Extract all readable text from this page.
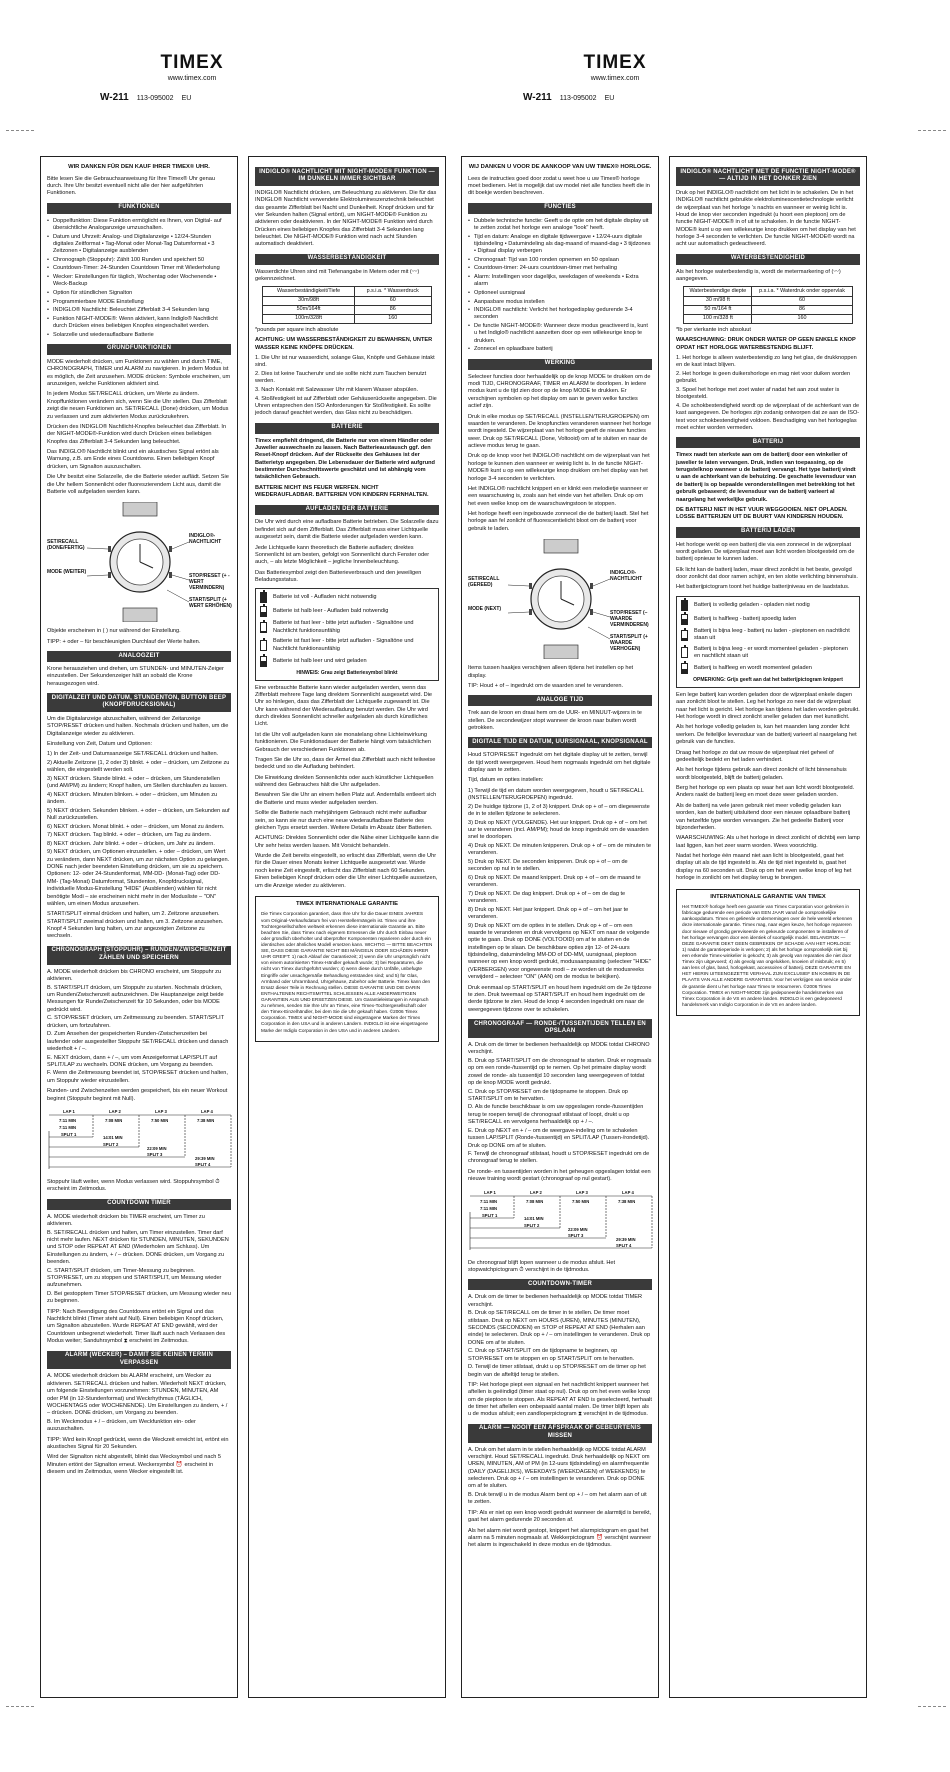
TIMEX
www.timex.com
W-211 113-095002 EU
TIMEX
www.timex.com
W-211 113-095002 EU
WIR DANKEN FÜR DEN KAUF IHRER TIMEX® UHR.

Bitte lesen Sie die Gebrauchsanweisung für Ihre Timex® Uhr genau durch. Ihre Uhr besitzt eventuell nicht alle der hier aufgeführten Funktionen.

FUNKTIONEN
• Doppelfunktion: Diese Funktion ermöglicht es Ihnen, von Digital- auf übersichtliche Analoganzeige umzuschalten.
• Datum und Uhrzeit: Analog- und Digitalanzeige • 12/24-Stunden digitales Zeitformat • Tag-Monat oder Monat-Tag Datumformat • 3 Zeitzonen • Digitalanzeige ausblenden
• Chronograph (Stoppuhr): Zählt 100 Runden und speichert 50
• Countdown-Timer: 24-Stunden Countdown Timer mit Wiederholung
• Wecker: Einstellungen für täglich, Wochentag oder Wochenende • Weck-Backup
• Option für stündlichen Signalton
• Programmierbare MODE Einstellung
• INDIGLO® Nachtlicht: Beleuchtet Zifferblatt 3-4 Sekunden lang
• Funktion NIGHT-MODE®: Wenn aktiviert, kann Indiglo® Nachtlicht durch Drücken eines beliebigen Knopfes eingeschaltet werden.
• Solarzelle und wiederaufladbare Batterie
GRUNDFUNKTIONEN

MODE wiederholt drücken, um Funktionen zu wählen und durch TIME, CHRONOGRAPH, TIMER und ALARM zu navigieren. In jedem Modus ist es möglich, die Zeit anzusehen. MODE drücken: Symbole erscheinen, um anzuzeigen, welche Funktionen aktiviert sind.

In jedem Modus SET/RECALL drücken, um Werte zu ändern. Knopffunktionen verändern sich, wenn Sie die Uhr stellen. Das Zifferblatt zeigt die neuen Funktionen an. SET/RECALL (Done) drücken, um Modus zu verlassen und zum aktivierten Modus zurückzukehren.

Drücken des INDIGLO® Nachtlicht-Knopfes beleuchtet das Zifferblatt. In der NIGHT-MODE®-Funktion wird durch Drücken eines beliebigen Knopfes das Zifferblatt 3-4 Sekunden lang beleuchtet.

Das INDIGLO® Nachtlicht blinkt und ein akustisches Signal ertönt als Warnung, z.B. am Ende eines Countdowns. Einen beliebigen Knopf drücken, um Signalton auszuschalten.

Die Uhr besitzt eine Solarzelle, die die Batterie wieder auflädt. Setzen Sie die Uhr hellem Sonnenlicht oder fluoreszierendem Licht aus, damit die Batterie voll aufgeladen werden kann.

SET/RECALL (DONE/FERTIG)
MODE (WEITER)
INDIGLO®-NACHTLICHT
STOP/RESET (+ - WERT VERMINDERN)
START/SPLIT (+ WERT ERHÖHEN)

Objekte erscheinen in ( ) nur während der Einstellung.

TIPP: + oder – für beschleunigten Durchlauf der Werte halten.

ANALOGZEIT

Krone herausziehen und drehen, um STUNDEN- und MINUTEN-Zeiger einzustellen. Der Sekundenzeiger hält an sobald die Krone herausgezogen wird.

DIGITALZEIT UND DATUM, STUNDENTON, BUTTON BEEP (KNOPFDRUCKSIGNAL)

Um die Digitalanzeige abzuschalten, während der Zeitanzeige STOP/RESET drücken und halten. Nochmals drücken und halten, um die Digitalanzeige wieder zu aktivieren.

Einstellung von Zeit, Datum und Optionen:

1) In der Zeit- und Datumsanzeige SET/RECALL drücken und halten.
2) Aktuelle Zeitzone (1, 2 oder 3) blinkt. + oder – drücken, um Zeitzone zu wählen, die eingestellt werden soll.
3) NEXT drücken. Stunde blinkt. + oder – drücken, um Stundenstellen (und AM/PM) zu ändern; Knopf halten, um Stellen durchlaufen zu lassen.
4) NEXT drücken. Minuten blinken. + oder – drücken, um Minuten zu ändern.
5) NEXT drücken. Sekunden blinken. + oder – drücken, um Sekunden auf Null zurückzustellen.
6) NEXT drücken. Monat blinkt. + oder – drücken, um Monat zu ändern.
7) NEXT drücken. Tag blinkt. + oder – drücken, um Tag zu ändern.
8) NEXT drücken. Jahr blinkt. + oder – drücken, um Jahr zu ändern.
9) NEXT drücken, um Optionen einzustellen. + oder – drücken, um Wert zu verändern, dann NEXT drücken, um zur nächsten Option zu gelangen. DONE nach jeder beendeten Einstellung drücken, um sie zu speichern. Optionen: 12- oder 24-Stundenformat, MM-DD- (Monat-Tag) oder DD-MM- (Tag-Monat) Datumformat, Stundenton, Knopfdrucksignal, individuelle Modus-Einstellung "HIDE" (Ausblenden) wählen für nicht benötigte Modi – sie erscheinen nicht mehr in der Modusliste – "ON" wählen, um einen Modus anzusehen.

START/SPLIT einmal drücken und halten, um 2. Zeitzone anzusehen. START/SPLIT zweimal drücken und halten, um 3. Zeitzone anzusehen. Knopf 4 Sekunden lang halten, um zur angezeigten Zeitzone zu wechseln.

CHRONOGRAPH (STOPPUHR) – RUNDEN/ZWISCHENZEIT ZÄHLEN UND SPEICHERN
A. MODE wiederholt drücken bis CHRONO erscheint, um Stoppuhr zu aktivieren.
B. START/SPLIT drücken, um Stoppuhr zu starten. Nochmals drücken, um Runden/Zwischenzeit aufzuzeichnen. Die Hauptanzeige zeigt beide Messungen für Runde/Zwischenzeit für 10 Sekunden, oder bis MODE gedrückt wird.
C. STOP/RESET drücken, um Zeitmessung zu beenden. START/SPLIT drücken, um fortzufahren.
D. Zum Ansehen der gespeicherten Runden-/Zwischenzeiten bei laufender oder ausgestellter Stoppuhr SET/RECALL drücken und danach wiederholt + / –.
E. NEXT drücken, dann + / –, um vom Anzeigeformat LAP/SPLIT auf SPLIT/LAP zu wechseln. DONE drücken, um Vorgang zu beenden.
F. Wenn die Zeitmessung beendet ist, STOP/RESET drücken und halten, um Stoppuhr wieder einzustellen.

Runden- und Zwischenzeiten werden gespeichert, bis ein neuer Workout beginnt (Stoppuhr beginnt mit Null).

LAP 1	LAP 2	LAP 3	LAP 4
7:11 MIN	7:08 MIN	7:50 MIN	7:38 MIN
7:11 MIN
SPLIT 1
14:01 MIN
SPLIT 2
22:09 MIN
SPLIT 3
29:39 MIN
SPLIT 4

Stoppuhr läuft weiter, wenn Modus verlassen wird. Stoppuhrsymbol ⏱ erscheint im Zeitmodus.

COUNTDOWN TIMER
A. MODE wiederholt drücken bis TIMER erscheint, um Timer zu aktivieren.
B. SET/RECALL drücken und halten, um Timer einzustellen. Timer darf nicht mehr laufen. NEXT drücken für STUNDEN, MINUTEN, SEKUNDEN und STOP oder REPEAT AT END (Wiederholen am Schluss). Um Einstellungen zu ändern, + / – drücken. DONE drücken, um Vorgang zu beenden.
C. START/SPLIT drücken, um Timer-Messung zu beginnen. STOP/RESET, um zu stoppen und START/SPLIT, um Messung wieder aufzunehmen.
D. Bei gestopptem Timer STOP/RESET drücken, um Messung wieder neu zu beginnen.

TIPP: Nach Beendigung des Countdowns ertönt ein Signal und das Nachtlicht blinkt (Timer steht auf Null). Einen beliebigen Knopf drücken, um Signalton abzustellen. Wurde REPEAT AT END gewählt, wird der Countdown unbegrenzt wiederholt. Timer läuft auch nach Verlassen des Modus weiter; Sanduhrsymbol ⧗ erscheint im Zeitmodus.

ALARM (WECKER) – DAMIT SIE KEINEN TERMIN VERPASSEN
A. MODE wiederholt drücken bis ALARM erscheint, um Wecker zu aktivieren. SET/RECALL drücken und halten. Wiederholt NEXT drücken, um folgende Einstellungen vorzunehmen: STUNDEN, MINUTEN, AM oder PM (in 12-Stundenformat) und Weckrhythmus (TÄGLICH, WOCHENTAGS oder WOCHENENDE). Um Einstellungen zu ändern, + / – drücken. DONE drücken, um Vorgang zu beenden.
B. Im Weckmodus + / – drücken, um Weckfunktion ein- oder auszuschalten.

TIPP: Wird kein Knopf gedrückt, wenn die Weckzeit erreicht ist, ertönt ein akustisches Signal für 20 Sekunden.

Wird der Signalton nicht abgestellt, blinkt das Wecksymbol und nach 5 Minuten ertönt der Signalton erneut. Weckersymbol ⏰ erscheint in diesem und im Zeitmodus, wenn Wecker eingestellt ist.

INDIGLO® NACHTLICHT MIT NIGHT-MODE® FUNKTION — IM DUNKELN IMMER SICHTBAR

INDIGLO® Nachtlicht drücken, um Beleuchtung zu aktivieren. Die für das INDIGLO® Nachtlicht verwendete Elektrolumineszenztechnik beleuchtet das gesamte Zifferblatt bei Nacht und Dunkelheit. Knopf drücken und für vier Sekunden halten (Signal ertönt), um NIGHT-MODE® Funktion zu aktivieren oder deaktivieren. In der NIGHT-MODE® Funktion wird durch Drücken eines beliebigen Knopfes das Zifferblatt 3-4 Sekunden lang beleuchtet. Die NIGHT-MODE® Funktion wird nach acht Stunden automatisch deaktiviert.

WASSERBESTÄNDIGKEIT

Wasserdichte Uhren sind mit Tiefenangabe in Metern oder mit (〰) gekennzeichnet.

Wasserbeständigkeit/Tiefe	p.s.i.a. * Wasserdruck
30m/98ft	60
50m/164ft	86
100m/328ft	160

*pounds per square inch absolute

ACHTUNG: UM WASSERBESTÄNDIGKEIT ZU BEWAHREN, UNTER WASSER KEINE KNÖPFE DRÜCKEN.

1. Die Uhr ist nur wasserdicht, solange Glas, Knöpfe und Gehäuse intakt sind.
2. Dies ist keine Taucheruhr und sie sollte nicht zum Tauchen benutzt werden.
3. Nach Kontakt mit Salzwasser Uhr mit klarem Wasser abspülen.
4. Stoßfestigkeit ist auf Zifferblatt oder Gehäuserückseite angegeben. Die Uhren entsprechen den ISO Anforderungen für Stoßfestigkeit. Es sollte jedoch darauf geachtet werden, das Glas nicht zu beschädigen.
BATTERIE

Timex empfiehlt dringend, die Batterie nur von einem Händler oder Juwelier auswechseln zu lassen. Nach Batterieaustausch ggf. den Reset-Knopf drücken. Auf der Rückseite des Gehäuses ist der Batterietyp angegeben. Die Lebensdauer der Batterie wird aufgrund bestimmter Durchschnittswerte geschätzt und ist abhängig vom tatsächlichen Gebrauch.

BATTERIE NICHT INS FEUER WERFEN. NICHT WIEDERAUFLADBAR. BATTERIEN VON KINDERN FERNHALTEN.

AUFLADEN DER BATTERIE

Die Uhr wird durch eine aufladbare Batterie betrieben. Die Solarzelle dazu befindet sich auf dem Zifferblatt. Das Zifferblatt muss einer Lichtquelle ausgesetzt sein, damit die Batterie wieder aufgeladen werden kann.

Jede Lichtquelle kann theoretisch die Batterie aufladen; direktes Sonnenlicht ist am besten, gefolgt von Sonnenlicht durch Fenster oder auch, – als letzte Möglichkeit – jegliche Innenbeleuchtung.

Das Batteriesymbol zeigt den Batterieverbrauch und den jeweiligen Beladungsstatus.

Batterie ist voll - Aufladen nicht notwendig
Batterie ist halb leer - Aufladen bald notwendig
Batterie ist fast leer - bitte jetzt aufladen - Signaltöne und Nachtlicht funktionsunfähig
Batterie ist fast leer - bitte jetzt aufladen - Signaltöne und Nachtlicht funktionsunfähig
Batterie ist halb leer und wird geladen
HINWEIS: Grau zeigt Batteriesymbol blinkt

Eine verbrauchte Batterie kann wieder aufgeladen werden, wenn das Zifferblatt mehrere Tage lang direktem Sonnenlicht ausgesetzt wird. Die Uhr so hinlegen, dass das Zifferblatt der Lichtquelle zugewandt ist. Die Uhr kann während der Wiederaufladung benutzt werden. Die Uhr wird durch direktes Sonnenlicht schneller aufgeladen als durch künstliches Licht.

Ist die Uhr voll aufgeladen kann sie monatelang ohne Lichteinwirkung funktionieren. Die Funktionsdauer der Batterie hängt vom tatsächlichen Gebrauch der verschiedenen Funktionen ab.

Tragen Sie die Uhr so, dass der Ärmel das Zifferblatt auch nicht teilweise bedeckt und so die Aufladung behindert.

Die Einwirkung direkten Sonnenlichts oder auch künstlicher Lichtquellen während des Gebrauches hält die Uhr aufgeladen.

Bewahren Sie die Uhr an einem hellen Platz auf. Andernfalls entleert sich die Batterie und muss wieder aufgeladen werden.

Sollte die Batterie nach mehrjährigem Gebrauch nicht mehr aufladbar sein, so kann sie nur durch eine neue wiederaufladbare Batterie des gleichen Typs ersetzt werden. Weitere Details im Absatz über Batterien.

ACHTUNG: Direktes Sonnenlicht oder die Nähe einer Lichtquelle kann die Uhr sehr heiss werden lassen. Mit Vorsicht behandeln.

Wurde die Zeit bereits eingestellt, so erlischt das Zifferblatt, wenn die Uhr für die Dauer eines Monats keiner Lichtquelle ausgesetzt war. Wurde noch keine Zeit eingestellt, erlischt das Zifferblatt nach 60 Sekunden. Einen beliebigen Knopf drücken oder die Uhr einer Lichtquelle aussetzen, um die Anzeige wieder zu aktivieren.

TIMEX INTERNATIONALE GARANTIE

Die Timex Corporation garantiert, dass Ihre Uhr für die Dauer EINES JAHRES vom Original-Verkaufsdatum frei von Herstellermängeln ist. Timex und ihre Tochtergesellschaften weltweit erkennen diese internationale Garantie an. Bitte beachten Sie, dass Timex nach eigenem Ermessen die Uhr durch Einbau neuer oder gründlich überholter und überprüfter Komponenten reparieren oder durch ein identisches oder ähnliches Modell ersetzen kann. WICHTIG — BITTE BEACHTEN SIE, DASS DIESE GARANTIE NICHT BEI MÄNGELN ODER SCHÄDEN IHRER UHR GREIFT: 1) nach Ablauf der Garantiezeit; 2) wenn die Uhr ursprünglich nicht von einem autorisierten Timex-Händler gekauft wurde; 3) bei Reparaturen, die nicht von Timex durchgeführt wurden; 4) wenn diese durch Unfälle, unbefugte Eingriffe oder unsachgemäße Behandlung entstanden sind; und 5) für Glas, Armband oder Uhrarmband, Uhrgehäuse, Zubehör oder Batterie. Timex kann den Ersatz dieser Teile in Rechnung stellen. DIESE GARANTIE UND DIE DARIN ENTHALTENEN RECHTSMITTEL SCHLIESSEN ALLE ANDERWEITIGEN GARANTIEN AUS UND ERSETZEN DIESE. Um Garantieleistungen in Anspruch zu nehmen, senden Sie Ihre Uhr an Timex, eine Timex-Tochtergesellschaft oder den Timex-Einzelhändler, bei dem Sie die Uhr gekauft haben. ©2006 Timex Corporation. TIMEX und NIGHT-MODE sind eingetragene Marken der Timex Corporation in den USA und in anderen Ländern. INDIGLO ist eine eingetragene Marke der Indiglo Corporation in den USA und in anderen Ländern.

WIJ DANKEN U VOOR DE AANKOOP VAN UW TIMEX® HORLOGE.

Lees de instructies goed door zodat u weet hoe u uw Timex® horloge moet bedienen. Het is mogelijk dat uw model niet alle functies heeft die in dit boekje worden beschreven.

FUNCTIES
• Dubbele technische functie: Geeft u de optie om het digitale display uit te zetten zodat het horloge een analoge "look" heeft.
• Tijd en datum: Analoge en digitale tijdweergave • 12/24-uurs digitale tijdsindeling • Datumindeling als dag-maand of maand-dag • 3 tijdzones • Digitaal display verbergen
• Chronograaf: Tijd van 100 ronden opnemen en 50 opslaan
• Countdown-timer: 24-uurs countdown-timer met herhaling
• Alarm: Instellingen voor dagelijks, weekdagen of weekends • Extra alarm
• Optioneel uursignaal
• Aanpasbare modus instellen
• INDIGLO® nachtlicht: Verlicht het horlogedisplay gedurende 3-4 seconden
• De functie NIGHT-MODE®: Wanneer deze modus geactiveerd is, kunt u het Indiglo® nachtlicht aanzetten door op een willekeurige knop te drukken.
• Zonnecel en oplaadbare batterij
WERKING

Selecteer functies door herhaaldelijk op de knop MODE te drukken om de modi TIJD, CHRONOGRAAF, TIMER en ALARM te doorlopen. In iedere modus kunt u de tijd zien door op de knop MODE te drukken. Er verschijnen symbolen op het display om aan te geven welke functies actief zijn.

Druk in elke modus op SET/RECALL (INSTELLEN/TERUGROEPEN) om waarden te veranderen. De knopfuncties veranderen wanneer het horloge wordt ingesteld. De wijzerplaat van het horloge geeft de nieuwe functies weer. Druk op SET/RECALL (Done, Voltooid) om af te sluiten en naar de actieve modus terug te gaan.

Druk op de knop voor het INDIGLO® nachtlicht om de wijzerplaat van het horloge te kunnen zien wanneer er weinig licht is. In de functie NIGHT-MODE® kunt u op een willekeurige knop drukken om het display van het horloge 3-4 seconden te verlichten.

Het INDIGLO® nachtlicht knippert en er klinkt een melodietje wanneer er een waarschuwing is, zoals aan het einde van het aftellen. Druk op om het even welke knop om de waarschuwingstoon te stoppen.

Het horloge heeft een ingebouwde zonnecel die de batterij laadt. Stel het horloge aan fel zonlicht of fluorescentielicht bloot om de batterij voor gebruik te laden.

SET/RECALL (GEREED)
MODE (NEXT)
INDIGLO®-NACHTLICHT
STOP/RESET (– WAARDE VERMINDEREN)
START/SPLIT (+ WAARDE VERHOGEN)

Items tussen haakjes verschijnen alleen tijdens het instellen op het display.

TIP: Houd + of – ingedrukt om de waarden snel te veranderen.

ANALOGE TIJD

Trek aan de kroon en draai hem om de UUR- en MINUUT-wijzers in te stellen. De secondewijzer stopt wanneer de kroon naar buiten wordt getrokken.

DIGITALE TIJD EN DATUM, UURSIGNAAL, KNOPSIGNAAL

Houd STOP/RESET ingedrukt om het digitale display uit te zetten, terwijl de tijd wordt weergegeven. Houd hem nogmaals ingedrukt om het digitale display aan te zetten.

Tijd, datum en opties instellen:

1) Terwijl de tijd en datum worden weergegeven, houdt u SET/RECALL (INSTELLEN/TERUGROEPEN) ingedrukt.
2) De huidige tijdzone (1, 2 of 3) knippert. Druk op + of – om diegewenste de in te stellen tijdzone te selecteren.
3) Druk op NEXT (VOLGENDE). Het uur knippert. Druk op + of – om het uur te veranderen (incl. AM/PM); houd de knop ingedrukt om de waarden snel te doorlopen.
4) Druk op NEXT. De minuten knipperen. Druk op + of – om de minuten te veranderen.
5) Druk op NEXT. De seconden knipperen. Druk op + of – om de seconden op nul in te stellen.
6) Druk op NEXT. De maand knippert. Druk op + of – om de maand te veranderen.
7) Druk op NEXT. De dag knippert. Druk op + of – om de dag te veranderen.
8) Druk op NEXT. Het jaar knippert. Druk op + of – om het jaar te veranderen.
9) Druk op NEXT om de opties in te stellen. Druk op + of – om een waarde te veranderen en druk vervolgens op NEXT om naar de volgende optie te gaan. Druk op DONE (VOLTOOID) om af te sluiten en de instellingen op te slaan. De beschikbare opties zijn 12- of 24-uurs tijdsindeling, datumindeling MM-DD of DD-MM, uursignaal, pieptoon wanneer op een knop wordt gedrukt, modusaanpassing (selecteer "HIDE" (VERBERGEN) voor ongewenste modi – ze worden uit de modusreeks verwijderd – selecteer "ON" (AAN) om de modus te bekijken).

Druk eenmaal op START/SPLIT en houd hem ingedrukt om de 2e tijdzone te zien. Druk tweemaal op START/SPLIT en houd hem ingedrukt om de derde tijdzone te zien. Houd de knop 4 seconden ingedrukt om naar de weergegeven tijdzone over te schakelen.

CHRONOGRAAF — RONDE-/TUSSENTIJDEN TELLEN EN OPSLAAN
A. Druk om de timer te bedienen herhaaldelijk op MODE totdat CHRONO verschijnt.
B. Druk op START/SPLIT om de chronograaf te starten. Druk er nogmaals op om een ronde-/tussentijd op te nemen. Op het primaire display wordt zowel de ronde- als tussentijd 10 seconden lang weergegeven of totdat op de knop MODE wordt gedrukt.
C. Druk op STOP/RESET om de tijdopname te stoppen. Druk op START/SPLIT om te hervatten.
D. Als de functie beschikbaar is om uw opgeslagen ronde-/tussentijden terug te roepen terwijl de chronograaf stilstaat of loopt, drukt u op SET/RECALL en vervolgens herhaaldelijk op + / –.
E. Druk op NEXT en + / – om de weergave-indeling om te schakelen tussen LAP/SPLIT (Ronde-/tussentijd) en SPLIT/LAP (Tussen-/rondetijd). Druk op DONE om af te sluiten.
F. Terwijl de chronograaf stilstaat, houdt u STOP/RESET ingedrukt om de chronograaf terug te stellen.

De ronde- en tussentijden worden in het geheugen opgeslagen totdat een nieuwe training wordt gestart (chronograaf op nul gestart).

LAP 1	LAP 2	LAP 3	LAP 4
7:11 MIN	7:08 MIN	7:50 MIN	7:38 MIN
7:11 MIN
SPLIT 1
14:01 MIN
SPLIT 2
22:09 MIN
SPLIT 3
29:39 MIN
SPLIT 4

De chronograaf blijft lopen wanneer u de modus afsluit. Het stopwatchpictogram ⏱ verschijnt in de tijdmodus.

COUNTDOWN-TIMER
A. Druk om de timer te bedienen herhaaldelijk op MODE totdat TIMER verschijnt.
B. Druk op SET/RECALL om de timer in te stellen. De timer moet stilstaan. Druk op NEXT om HOURS (UREN), MINUTES (MINUTEN), SECONDS (SECONDEN) en STOP of REPEAT AT END (Herhalen aan einde) te selecteren. Druk op + / – om instellingen te veranderen. Druk op DONE om af te sluiten.
C. Druk op START/SPLIT om de tijdopname te beginnen, op STOP/RESET om te stoppen en op START/SPLIT om te hervatten.
D. Terwijl de timer stilstaat, drukt u op STOP/RESET om de timer op het begin van de afteltijd terug te stellen.

TIP: Het horloge piept een signaal en het nachtlicht knippert wanneer het aftellen is geëindigd (timer staat op nul). Druk op om het even welke knop om de pieptoon te stoppen. Als REPEAT AT END is geselecteerd, herhaalt de timer het aftellen een onbepaald aantal malen. De timer blijft lopen als u de modus afsluit; een zandloperpictogram ⧗ verschijnt in de tijdmodus.

ALARM — NOOIT EEN AFSPRAAK OF GEBEURTENIS MISSEN
A. Druk om het alarm in te stellen herhaaldelijk op MODE totdat ALARM verschijnt. Houd SET/RECALL ingedrukt. Druk herhaaldelijk op NEXT om UREN, MINUTEN, AM of PM (in 12-uurs tijdsindeling) en alarmfrequentie (DAILY (DAGELIJKS), WEEKDAYS (WEEKDAGEN) of WEEKENDS) te selecteren. Druk op + / – om instellingen te veranderen. Druk op DONE om af te sluiten.
B. Druk terwijl u in de modus Alarm bent op + / – om het alarm aan of uit te zetten.

TIP: Als er niet op een knop wordt gedrukt wanneer de alarmtijd is bereikt, gaat het alarm gedurende 20 seconden af.

Als het alarm niet wordt gestopt, knippert het alarmpictogram en gaat het alarm na 5 minuten nogmaals af. Wekkerpictogram ⏰ verschijnt wanneer het alarm is ingeschakeld in deze modus en de tijdmodus.

INDIGLO® NACHTLICHT MET DE FUNCTIE NIGHT-MODE® — ALTIJD IN HET DONKER ZIEN

Druk op het INDIGLO® nachtlicht om het licht in te schakelen. De in het INDIGLO® nachtlicht gebruikte elektroluminescentietechnologie verlicht de wijzerplaat van het horloge 's nachts en wanneer er weinig licht is. Houd de knop vier seconden ingedrukt (u hoort een pieptoon) om de functie NIGHT-MODE® in of uit te schakelen. In de functie NIGHT-MODE® kunt u op een willekeurige knop drukken om het display van het horloge 3-4 seconden te verlichten. De functie NIGHT-MODE® wordt na acht uur automatisch gedeactiveerd.

WATERBESTENDIGHEID

Als het horloge waterbestendig is, wordt de metermarkering of (〰) aangegeven.

Waterbestendige diepte	p.s.i.a. * Waterdruk onder oppervlak
30 m/98 ft	60
50 m/164 ft	86
100 m/328 ft	160

*lb per vierkante inch absoluut

WAARSCHUWING: DRUK ONDER WATER OP GEEN ENKELE KNOP OPDAT HET HORLOGE WATERBESTENDIG BLIJFT.

1. Het horloge is alleen waterbestendig zo lang het glas, de drukknoppen en de kast intact blijven.
2. Het horloge is geen duikershorloge en mag niet voor duiken worden gebruikt.
3. Spoel het horloge met zoet water af nadat het aan zout water is blootgesteld.
4. De schokbestendigheid wordt op de wijzerplaat of de achterkant van de kast aangegeven. De horloges zijn zodanig ontworpen dat ze aan de ISO-test voor schokbestendigheid voldoen. Beschadiging van het horlogeglas moet echter worden vermeden.
BATTERIJ

Timex raadt ten sterkste aan om de batterij door een winkelier of juwelier te laten vervangen. Druk, indien van toepassing, op de terugstelknop wanneer u de batterij vervangt. Het type batterij vindt u aan de achterkant van de behuizing. De geschatte levensduur van de batterij is op bepaalde veronderstellingen met betrekking tot het gebruik gebaseerd; de levensduur van de batterij varieert al naargelang het werkelijke gebruik.

DE BATTERIJ NIET IN HET VUUR WEGGOOIEN. NIET OPLADEN. LOSSE BATTERIJEN UIT DE BUURT VAN KINDEREN HOUDEN.

BATTERIJ LADEN

Het horloge werkt op een batterij die via een zonnecel in de wijzerplaat wordt geladen. De wijzerplaat moet aan licht worden blootgesteld om de batterij opnieuw te kunnen laden.

Elk licht kan de batterij laden, maar direct zonlicht is het beste, gevolgd door zonlicht dat door ramen schijnt, en ten slotte verlichting binnenshuis.

Het batterijpictogram toont het huidige batterijniveau en de laadstatus.

Batterij is volledig geladen - opladen niet nodig
Batterij is halfleeg - batterij spoedig laden
Batterij is bijna leeg - batterij nu laden - pieptonen en nachtlicht staan uit
Batterij is bijna leeg - er wordt momenteel geladen - pieptonen en nachtlicht staan uit
Batterij is halfleeg en wordt momenteel geladen
OPMERKING: Grijs geeft aan dat het batterijpictogram knippert

Een lege batterij kan worden geladen door de wijzerplaat enkele dagen aan zonlicht bloot te stellen. Leg het horloge zo neer dat de wijzerplaat naar het licht is gericht. Het horloge kan tijdens het laden worden gebruikt. Het horloge wordt in direct zonlicht sneller geladen dan met kunstlicht.

Als het horloge volledig geladen is, kan het maanden lang zonder licht werken. De feitelijke levensduur van de batterij varieert al naargelang het gebruik van de functies.

Draag het horloge zo dat uw mouw de wijzerplaat niet geheel of gedeeltelijk bedekt en het laden verhindert.

Als het horloge tijdens gebruik aan direct zonlicht of licht binnenshuis wordt blootgesteld, blijft de batterij geladen.

Berg het horloge op een plaats op waar het aan licht wordt blootgesteld. Anders raakt de batterij leeg en moet deze weer geladen worden.

Als de batterij na vele jaren gebruik niet meer volledig geladen kan worden, kan de batterij uitsluitend door een nieuwe oplaadbare batterij van hetzelfde type worden vervangen. Zie het gedeelte Batterij voor bijzonderheden.

WAARSCHUWING: Als u het horloge in direct zonlicht of dichtbij een lamp laat liggen, kan het zeer warm worden. Wees voorzichtig.

Nadat het horloge één maand niet aan licht is blootgesteld, gaat het display uit als de tijd ingesteld is. Als de tijd niet ingesteld is, gaat het display na 60 seconden uit. Druk op om het even welke knop of leg het horloge in zonlicht om het display terug te brengen.

INTERNATIONALE GARANTIE VAN TIMEX

Het TIMEX® horloge heeft een garantie van Timex Corporation voor gebreken in fabricage gedurende een periode van EEN JAAR vanaf de oorspronkelijke aankoopdatum. Timex en geliëerde ondernemingen over de hele wereld erkennen deze internationale garantie. Timex mag, naar eigen keuze, het horloge repareren door nieuwe of grondig gereviseerde en gekeurde componenten te installeren of het horloge vervangen door een identiek of soortgelijk model. BELANGRIJK — DEZE GARANTIE DEKT GEEN GEBREKEN OF SCHADE AAN HET HORLOGE: 1) nadat de garantieperiode is verlopen; 2) als het horloge oorspronkelijk niet bij een erkende Timex-winkelier is gekocht; 3) als gevolg van reparaties die niet door Timex zijn uitgevoerd; 4) als gevolg van ongelukken, knoeien of misbruik; en 5) aan lens of glas, band, horlogekast, accessoires of batterij. DEZE GARANTIE EN HET HIERIN UITEENGEZETTE VERHAAL ZIJN EXCLUSIEF EN KOMEN IN DE PLAATS VAN ALLE ANDERE GARANTIES. Voor het verkrijgen van service onder de garantie dient u het horloge naar Timex te retourneren. ©2006 Timex Corporation. TIMEX en NIGHT-MODE zijn gedeponeerde handelsmerken van Timex Corporation in de VS en andere landen. INDIGLO is een gedeponeerd handelsmerk van Indiglo Corporation in de VS en andere landen.
